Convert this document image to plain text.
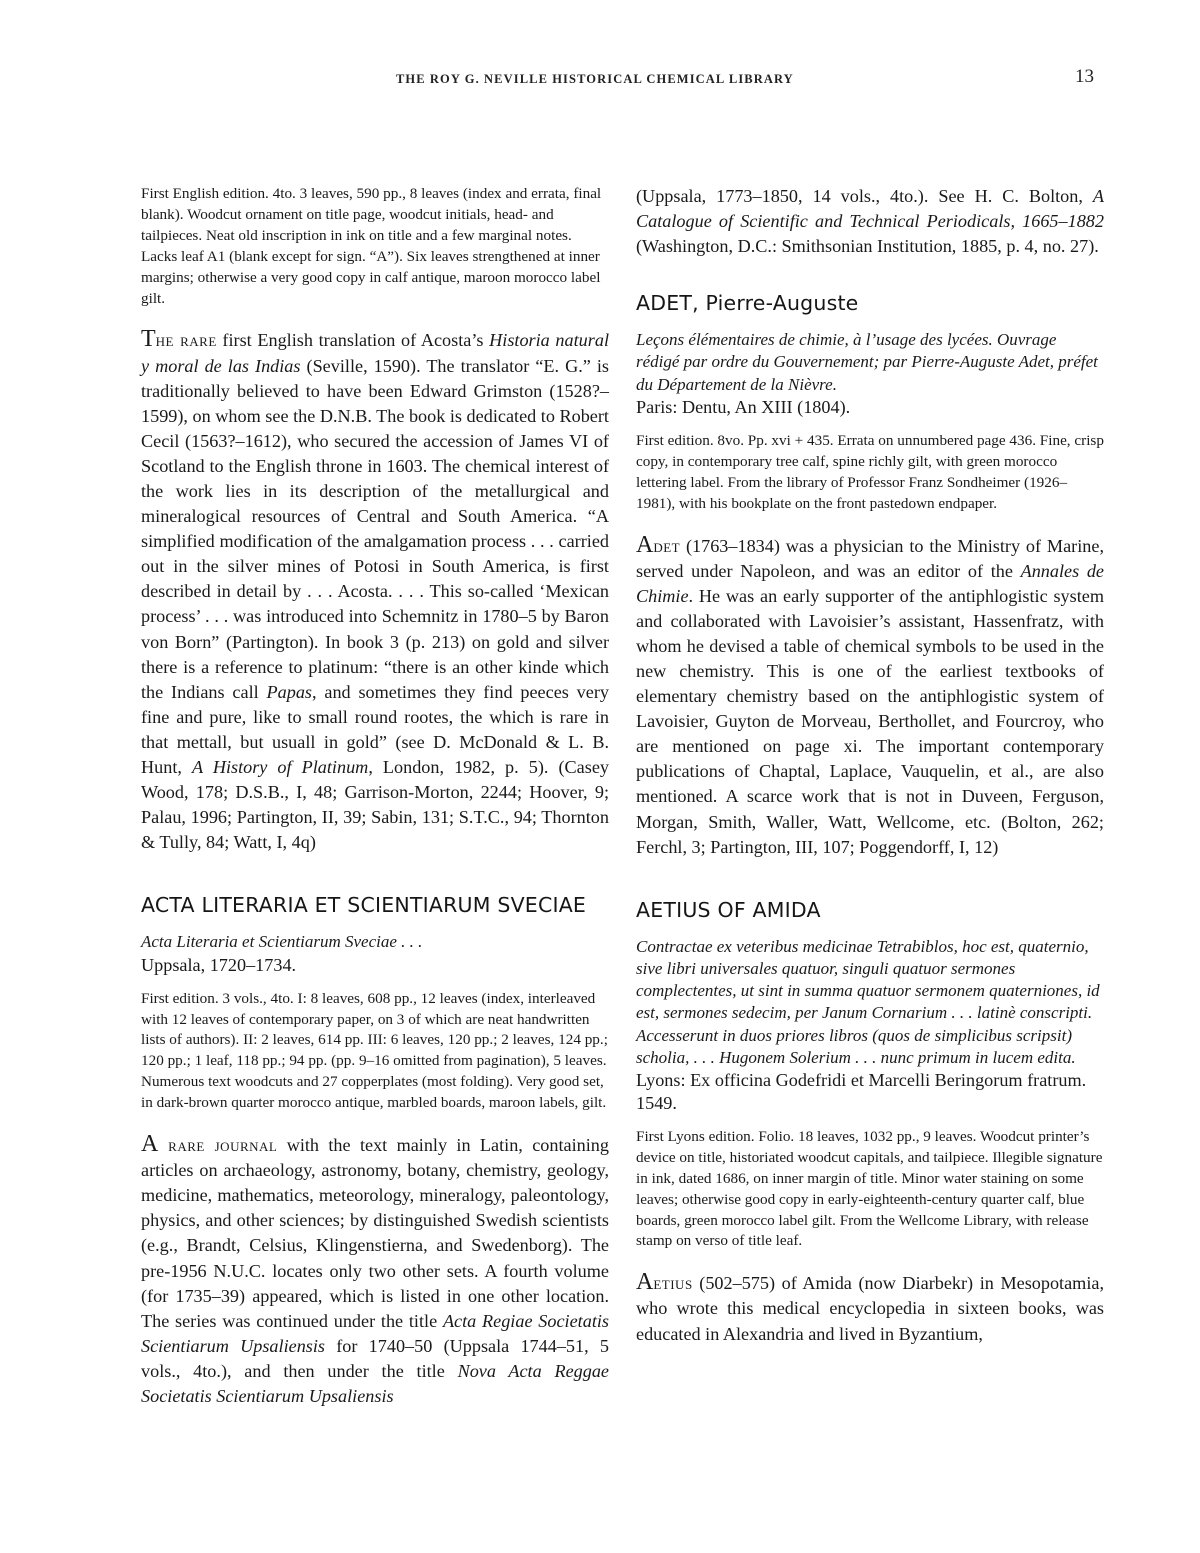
THE ROY G. NEVILLE HISTORICAL CHEMICAL LIBRARY	13

First English edition. 4to. 3 leaves, 590 pp., 8 leaves (index and errata, final blank). Woodcut ornament on title page, woodcut initials, head- and tailpieces. Neat old inscription in ink on title and a few marginal notes. Lacks leaf A1 (blank except for sign. “A”). Six leaves strengthened at inner margins; otherwise a very good copy in calf antique, maroon morocco label gilt.

The rare first English translation of Acosta’s Historia natural y moral de las Indias (Seville, 1590). The translator “E. G.” is traditionally believed to have been Edward Grimston (1528?–1599), on whom see the D.N.B. The book is dedicated to Robert Cecil (1563?–1612), who secured the accession of James VI of Scotland to the English throne in 1603. The chemical interest of the work lies in its description of the metallurgical and mineralogical resources of Central and South America. “A simplified modification of the amalgamation process . . . carried out in the silver mines of Potosi in South America, is first described in detail by . . . Acosta. . . . This so-called ‘Mexican process’ . . . was introduced into Schemnitz in 1780–5 by Baron von Born” (Partington). In book 3 (p. 213) on gold and silver there is a reference to platinum: “there is an other kinde which the Indians call Papas, and sometimes they find peeces very fine and pure, like to small round rootes, the which is rare in that mettall, but usuall in gold” (see D. McDonald & L. B. Hunt, A History of Platinum, London, 1982, p. 5). (Casey Wood, 178; D.S.B., I, 48; Garrison-Morton, 2244; Hoover, 9; Palau, 1996; Partington, II, 39; Sabin, 131; S.T.C., 94; Thornton & Tully, 84; Watt, I, 4q)

ACTA LITERARIA ET SCIENTIARUM SVECIAE

Acta Literaria et Scientiarum Sveciae . . .

Uppsala, 1720–1734.

First edition. 3 vols., 4to. I: 8 leaves, 608 pp., 12 leaves (index, interleaved with 12 leaves of contemporary paper, on 3 of which are neat handwritten lists of authors). II: 2 leaves, 614 pp. III: 6 leaves, 120 pp.; 2 leaves, 124 pp.; 120 pp.; 1 leaf, 118 pp.; 94 pp. (pp. 9–16 omitted from pagination), 5 leaves. Numerous text woodcuts and 27 copperplates (most folding). Very good set, in dark-brown quarter morocco antique, marbled boards, maroon labels, gilt.

A rare journal with the text mainly in Latin, containing articles on archaeology, astronomy, botany, chemistry, geology, medicine, mathematics, meteorology, mineralogy, paleontology, physics, and other sciences; by distinguished Swedish scientists (e.g., Brandt, Celsius, Klingenstierna, and Swedenborg). The pre-1956 N.U.C. locates only two other sets. A fourth volume (for 1735–39) appeared, which is listed in one other location. The series was continued under the title Acta Regiae Societatis Scientiarum Upsaliensis for 1740–50 (Uppsala 1744–51, 5 vols., 4to.), and then under the title Nova Acta Reggae Societatis Scientiarum Upsaliensis

(Uppsala, 1773–1850, 14 vols., 4to.). See H. C. Bolton, A Catalogue of Scientific and Technical Periodicals, 1665–1882 (Washington, D.C.: Smithsonian Institution, 1885, p. 4, no. 27).

ADET, Pierre-Auguste

Leçons élémentaires de chimie, à l’usage des lycées. Ouvrage rédigé par ordre du Gouvernement; par Pierre-Auguste Adet, préfet du Département de la Nièvre.

Paris: Dentu, An XIII (1804).

First edition. 8vo. Pp. xvi + 435. Errata on unnumbered page 436. Fine, crisp copy, in contemporary tree calf, spine richly gilt, with green morocco lettering label. From the library of Professor Franz Sondheimer (1926–1981), with his bookplate on the front pastedown endpaper.

Adet (1763–1834) was a physician to the Ministry of Marine, served under Napoleon, and was an editor of the Annales de Chimie. He was an early supporter of the antiphlogistic system and collaborated with Lavoisier’s assistant, Hassenfratz, with whom he devised a table of chemical symbols to be used in the new chemistry. This is one of the earliest textbooks of elementary chemistry based on the antiphlogistic system of Lavoisier, Guyton de Morveau, Berthollet, and Fourcroy, who are mentioned on page xi. The important contemporary publications of Chaptal, Laplace, Vauquelin, et al., are also mentioned. A scarce work that is not in Duveen, Ferguson, Morgan, Smith, Waller, Watt, Wellcome, etc. (Bolton, 262; Ferchl, 3; Partington, III, 107; Poggendorff, I, 12)

AETIUS OF AMIDA

Contractae ex veteribus medicinae Tetrabiblos, hoc est, quaternio, sive libri universales quatuor, singuli quatuor sermones complectentes, ut sint in summa quatuor sermonem quaterniones, id est, sermones sedecim, per Janum Cornarium . . . latinè conscripti. Accesserunt in duos priores libros (quos de simplicibus scripsit) scholia, . . . Hugonem Solerium . . . nunc primum in lucem edita.

Lyons: Ex officina Godefridi et Marcelli Beringorum fratrum. 1549.

First Lyons edition. Folio. 18 leaves, 1032 pp., 9 leaves. Woodcut printer’s device on title, historiated woodcut capitals, and tailpiece. Illegible signature in ink, dated 1686, on inner margin of title. Minor water staining on some leaves; otherwise good copy in early-eighteenth-century quarter calf, blue boards, green morocco label gilt. From the Wellcome Library, with release stamp on verso of title leaf.

Aetius (502–575) of Amida (now Diarbekr) in Mesopotamia, who wrote this medical encyclopedia in sixteen books, was educated in Alexandria and lived in Byzantium,
